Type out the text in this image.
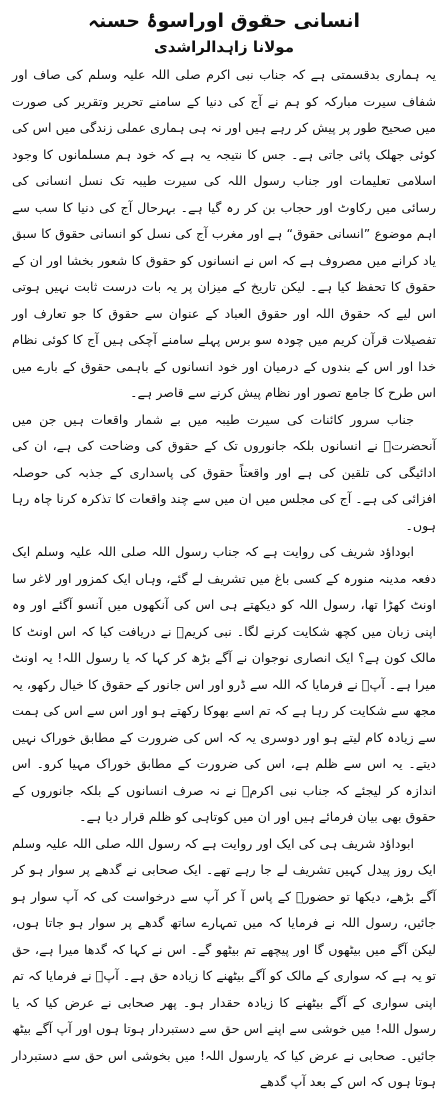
انسانی حقوق اوراسوۂ حسنہ
مولانا زاہدالراشدی

یہ ہماری بدقسمتی ہے کہ جناب نبی اکرم صلی اللہ علیہ وسلم کی صاف اور شفاف سیرت مبارکہ کو ہم نے آج کی دنیا کے سامنے تحریر وتقریر کی صورت میں صحیح طور پر پیش کر رہے ہیں اور نہ ہی ہماری عملی زندگی میں اس کی کوئی جھلک پائی جاتی ہے۔ جس کا نتیجہ یہ ہے کہ خود ہم مسلمانوں کا وجود اسلامی تعلیمات اور جناب رسول اللہ کی سیرت طیبہ تک نسل انسانی کی رسائی میں رکاوٹ اور حجاب بن کر رہ گیا ہے۔ بہرحال آج کی دنیا کا سب سے اہم موضوع ”انسانی حقوق“ ہے اور مغرب آج کی نسل کو انسانی حقوق کا سبق یاد کرانے میں مصروف ہے کہ اس نے انسانوں کو حقوق کا شعور بخشا اور ان کے حقوق کا تحفظ کیا ہے۔ لیکن تاریخ کے میزان پر یہ بات درست ثابت نہیں ہوتی اس لیے کہ حقوق اللہ اور حقوق العباد کے عنوان سے حقوق کا جو تعارف اور تفصیلات قرآن کریم میں چودہ سو برس پہلے سامنے آچکی ہیں آج کا کوئی نظام خدا اور اس کے بندوں کے درمیان اور خود انسانوں کے باہمی حقوق کے بارے میں اس طرح کا جامع تصور اور نظام پیش کرنے سے قاصر ہے۔

جناب سرور کائنات کی سیرت طیبہ میں بے شمار واقعات ہیں جن میں آنحضرتؐ نے انسانوں بلکہ جانوروں تک کے حقوق کی وضاحت کی ہے، ان کی ادائیگی کی تلقین کی ہے اور واقعتاً حقوق کی پاسداری کے جذبہ کی حوصلہ افزائی کی ہے۔ آج کی مجلس میں ان میں سے چند واقعات کا تذکرہ کرنا چاہ رہا ہوں۔

ابوداؤد شریف کی روایت ہے کہ جناب رسول اللہ صلی اللہ علیہ وسلم ایک دفعہ مدینہ منورہ کے کسی باغ میں تشریف لے گئے، وہاں ایک کمزور اور لاغر سا اونٹ کھڑا تھا، رسول اللہ کو دیکھتے ہی اس کی آنکھوں میں آنسو آگئے اور وہ اپنی زبان میں کچھ شکایت کرنے لگا۔ نبی کریمؐ نے دریافت کیا کہ اس اونٹ کا مالک کون ہے؟ ایک انصاری نوجوان نے آگے بڑھ کر کہا کہ یا رسول اللہ! یہ اونٹ میرا ہے۔ آپؐ نے فرمایا کہ اللہ سے ڈرو اور اس جانور کے حقوق کا خیال رکھو، یہ مجھ سے شکایت کر رہا ہے کہ تم اسے بھوکا رکھتے ہو اور اس سے اس کی ہمت سے زیادہ کام لیتے ہو اور دوسری یہ کہ اس کی ضرورت کے مطابق خوراک نہیں دیتے۔ یہ اس سے ظلم ہے، اس کی ضرورت کے مطابق خوراک مہیا کرو۔ اس اندازہ کر لیجئے کہ جناب نبی اکرمؐ نے نہ صرف انسانوں کے بلکہ جانوروں کے حقوق بھی بیان فرمائے ہیں اور ان میں کوتاہی کو ظلم قرار دیا ہے۔

ابوداؤد شریف ہی کی ایک اور روایت ہے کہ رسول اللہ صلی اللہ علیہ وسلم ایک روز پیدل کہیں تشریف لے جا رہے تھے۔ ایک صحابی نے گدھے پر سوار ہو کر آگے بڑھے، دیکھا تو حضورؐ کے پاس آ کر آپ سے درخواست کی کہ آپ سوار ہو جائیں، رسول اللہ نے فرمایا کہ میں تمہارے ساتھ گدھے پر سوار ہو جاتا ہوں، لیکن آگے میں بیٹھوں گا اور پیچھے تم بیٹھو گے۔ اس نے کہا کہ گدھا میرا ہے، حق تو یہ ہے کہ سواری کے مالک کو آگے بیٹھنے کا زیادہ حق ہے۔ آپؐ نے فرمایا کہ تم اپنی سواری کے آگے بیٹھنے کا زیادہ حقدار ہو۔ پھر صحابی نے عرض کیا کہ یا رسول اللہ! میں خوشی سے اپنے اس حق سے دستبردار ہوتا ہوں اور آپ آگے بیٹھ جائیں۔ صحابی نے عرض کیا کہ یارسول اللہ! میں بخوشی اس حق سے دستبردار ہوتا ہوں کہ اس کے بعد آپ گدھے
